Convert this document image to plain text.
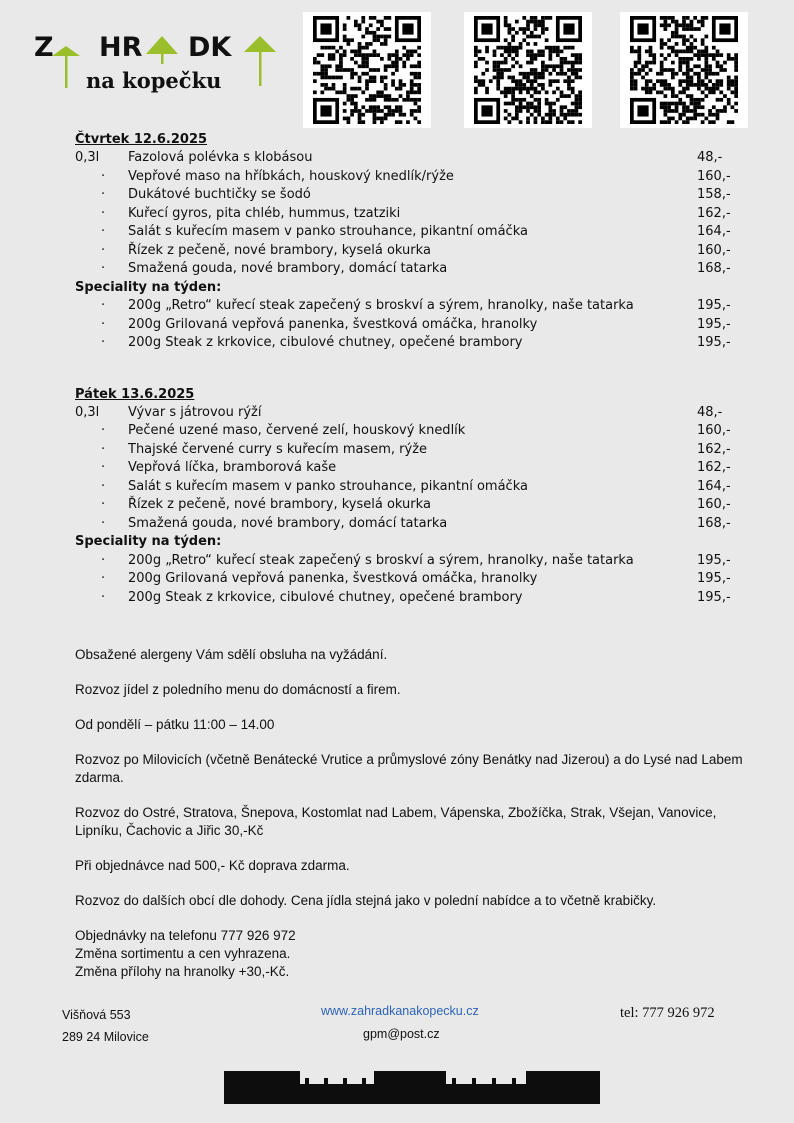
Z HR DK
na kopečku
Čtvrtek 12.6.2025
0,3l	Fazolová polévka s klobásou	48,-
·	Vepřové maso na hříbkách, houskový knedlík/rýže	160,-
·	Dukátové buchtičky se šodó	158,-
·	Kuřecí gyros, pita chléb, hummus, tzatziki	162,-
·	Salát s kuřecím masem v panko strouhance, pikantní omáčka	164,-
·	Řízek z pečeně, nové brambory, kyselá okurka	160,-
·	Smažená gouda, nové brambory, domácí tatarka	168,-
Speciality na týden:
·	200g „Retro“ kuřecí steak zapečený s broskví a sýrem, hranolky, naše tatarka	195,-
·	200g Grilovaná vepřová panenka, švestková omáčka, hranolky	195,-
·	200g Steak z krkovice, cibulové chutney, opečené brambory	195,-
Pátek 13.6.2025
0,3l	Vývar s játrovou rýží	48,-
·	Pečené uzené maso, červené zelí, houskový knedlík	160,-
·	Thajské červené curry s kuřecím masem, rýže	162,-
·	Vepřová líčka, bramborová kaše	162,-
·	Salát s kuřecím masem v panko strouhance, pikantní omáčka	164,-
·	Řízek z pečeně, nové brambory, kyselá okurka	160,-
·	Smažená gouda, nové brambory, domácí tatarka	168,-
Speciality na týden:
·	200g „Retro“ kuřecí steak zapečený s broskví a sýrem, hranolky, naše tatarka	195,-
·	200g Grilovaná vepřová panenka, švestková omáčka, hranolky	195,-
·	200g Steak z krkovice, cibulové chutney, opečené brambory	195,-

Obsažené alergeny Vám sdělí obsluha na vyžádání.

Rozvoz jídel z poledního menu do domácností a firem.

Od pondělí – pátku 11:00 – 14.00

Rozvoz po Milovicích (včetně Benátecké Vrutice a průmyslové zóny Benátky nad Jizerou) a do Lysé nad Labem zdarma.

Rozvoz do Ostré, Stratova, Šnepova, Kostomlat nad Labem, Vápenska, Zbožíčka, Strak, Všejan, Vanovice, Lipníku, Čachovic a Jiřic 30,-Kč

Při objednávce nad 500,- Kč doprava zdarma.

Rozvoz do dalších obcí dle dohody. Cena jídla stejná jako v polední nabídce a to včetně krabičky.

Objednávky na telefonu 777 926 972

Změna sortimentu a cen vyhrazena.

Změna přílohy na hranolky +30,-Kč.

Višňová 553
289 24 Milovice
www.zahradkanakopecku.cz
gpm@post.cz
tel: 777 926 972
